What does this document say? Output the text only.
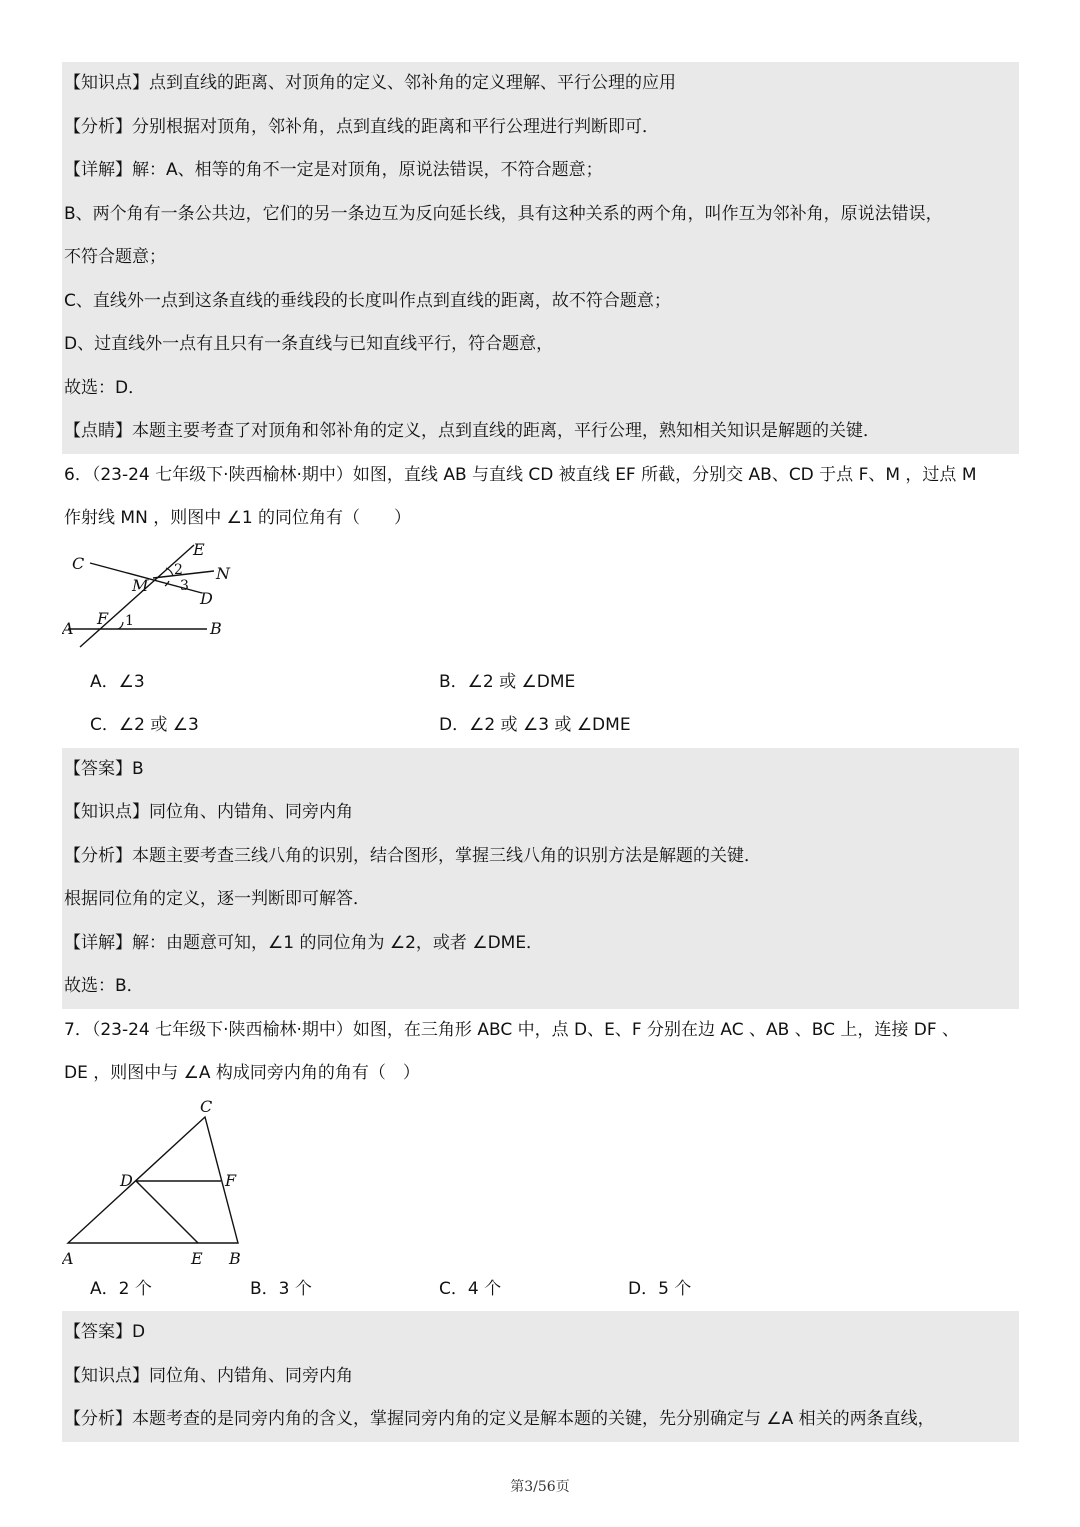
【知识点】点到直线的距离、对顶角的定义、邻补角的定义理解、平行公理的应用
【分析】分别根据对顶角，邻补角，点到直线的距离和平行公理进行判断即可．
【详解】解：A、相等的角不一定是对顶角，原说法错误，不符合题意；
B、两个角有一条公共边，它们的另一条边互为反向延长线，具有这种关系的两个角，叫作互为邻补角，原说法错误，
不符合题意；
C、直线外一点到这条直线的垂线段的长度叫作点到直线的距离，故不符合题意；
D、过直线外一点有且只有一条直线与已知直线平行，符合题意，
故选：D．
【点睛】本题主要考查了对顶角和邻补角的定义，点到直线的距离，平行公理，熟知相关知识是解题的关键．
6．（23-24 七年级下·陕西榆林·期中）如图，直线 AB 与直线 CD 被直线 EF 所截，分别交 AB、CD 于点 F、M ，过点 M
作射线 MN ，则图中 ∠1 的同位角有（　　）
C
E
N
M
2
3
D
A
F 1	B
A．∠3	B．∠2 或 ∠DME
C．∠2 或 ∠3	D．∠2 或 ∠3 或 ∠DME
【答案】B
【知识点】同位角、内错角、同旁内角
【分析】本题主要考查三线八角的识别，结合图形，掌握三线八角的识别方法是解题的关键．
根据同位角的定义，逐一判断即可解答．
【详解】解：由题意可知，∠1 的同位角为 ∠2，或者 ∠DME．
故选：B．
7．（23-24 七年级下·陕西榆林·期中）如图，在三角形 ABC 中，点 D、E、F 分别在边 AC 、AB 、BC 上，连接 DF 、
DE ，则图中与 ∠A 构成同旁内角的角有（　）
C
D	F
A	E B
A．2 个	B．3 个	C．4 个	D．5 个
【答案】D
【知识点】同位角、内错角、同旁内角
【分析】本题考查的是同旁内角的含义，掌握同旁内角的定义是解本题的关键，先分别确定与 ∠A 相关的两条直线，
第3/56页
